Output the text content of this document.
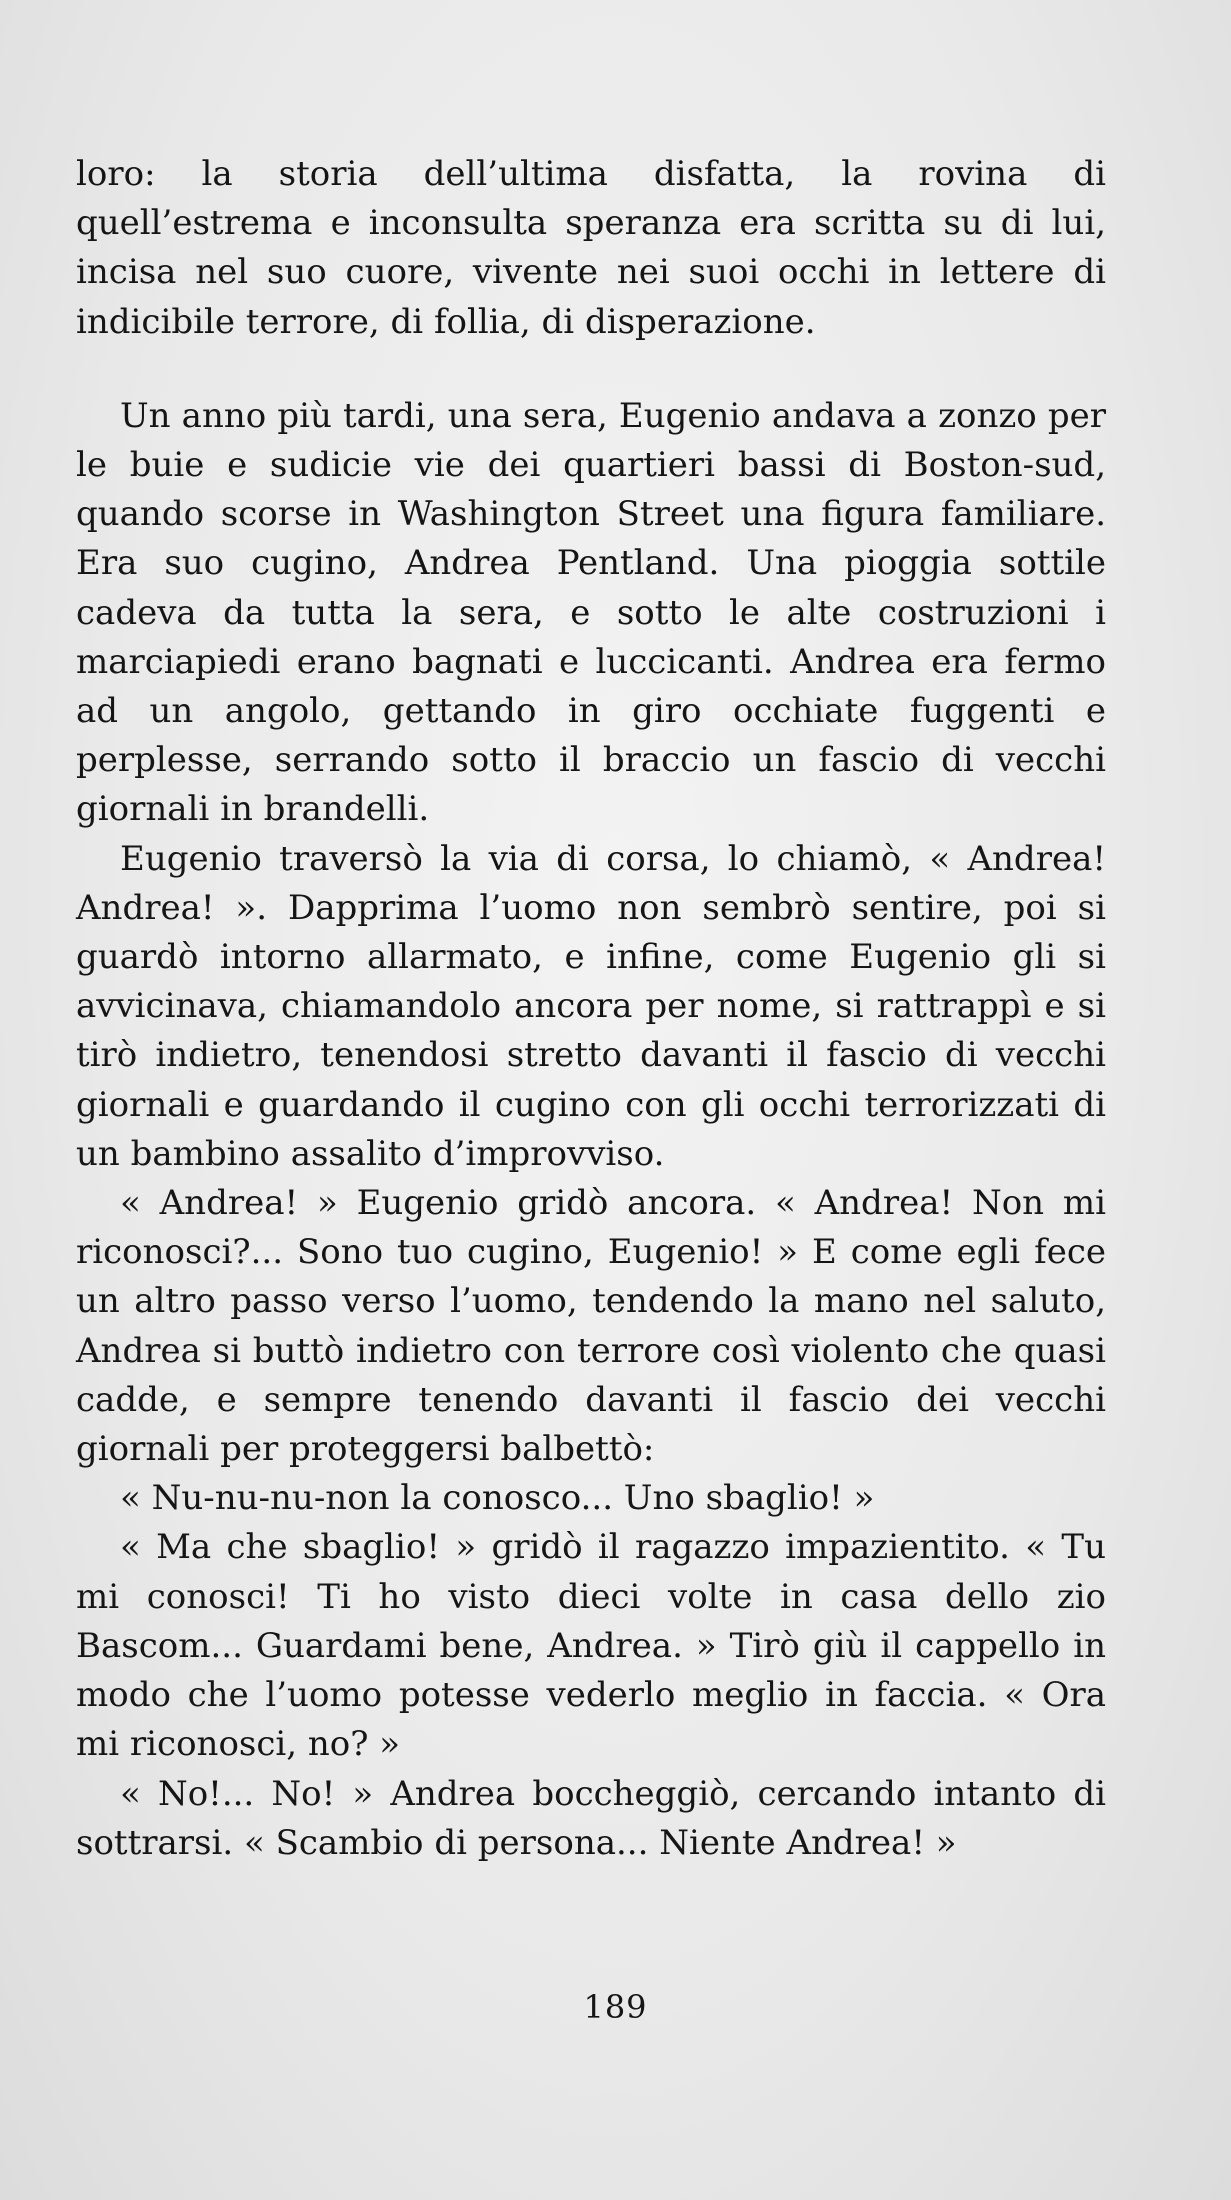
loro: la storia dell’ultima disfatta, la rovina di quell’estrema e inconsulta speranza era scritta su di lui, incisa nel suo cuore, vivente nei suoi occhi in lettere di indicibile terrore, di follia, di disperazione.

Un anno più tardi, una sera, Eugenio andava a zonzo per le buie e sudicie vie dei quartieri bassi di Boston-sud, quando scorse in Washington Street una figura familiare. Era suo cugino, Andrea Pentland. Una pioggia sottile cadeva da tutta la sera, e sotto le alte costruzioni i marciapiedi erano bagnati e luccicanti. Andrea era fermo ad un angolo, gettando in giro occhiate fuggenti e perplesse, serrando sotto il braccio un fascio di vecchi giornali in brandelli.

Eugenio traversò la via di corsa, lo chiamò, « Andrea! Andrea! ». Dapprima l’uomo non sembrò sentire, poi si guardò intorno allarmato, e infine, come Eugenio gli si avvicinava, chiamandolo ancora per nome, si rattrappì e si tirò indietro, tenendosi stretto davanti il fascio di vecchi giornali e guardando il cugino con gli occhi terrorizzati di un bambino assalito d’improvviso.

« Andrea! » Eugenio gridò ancora. « Andrea! Non mi riconosci?... Sono tuo cugino, Eugenio! » E come egli fece un altro passo verso l’uomo, tendendo la mano nel saluto, Andrea si buttò indietro con terrore così violento che quasi cadde, e sempre tenendo davanti il fascio dei vecchi giornali per proteggersi balbettò:

« Nu-nu-nu-non la conosco... Uno sbaglio! »

« Ma che sbaglio! » gridò il ragazzo impazientito. « Tu mi conosci! Ti ho visto dieci volte in casa dello zio Bascom... Guardami bene, Andrea. » Tirò giù il cappello in modo che l’uomo potesse vederlo meglio in faccia. « Ora mi riconosci, no? »

« No!... No! » Andrea boccheggiò, cercando intanto di sottrarsi. « Scambio di persona... Niente Andrea! »

189
